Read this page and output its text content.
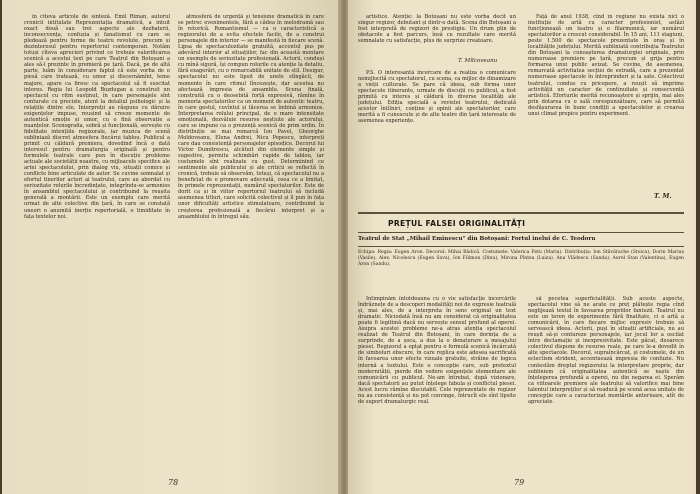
în cîteva articole de sinteză. Emil Riman, autorul cronicii intitulate Reprezentația dramatică, a intuit exact două sau trei aspecte ale dezbaterii, inconsecvența, confuzia și fanatismul cu care se pledează pentru forme de teatru revolute, precum și dezinteresul pentru repertoriul contemporan. Notăm totuși cîteva aprecieri privind ce trebuie valorificarea scenică a acestui text pe care Teatrul din Botoșani a ales să-l prezinte în premieră pe țară. Dacă, pe de altă parte, luăm în considerare faptul că este vorba de o piesă care tratează, cu umor și discernămînt, teme majore, apare ca firesc ca spectacolul să fi suscitat interes. Regia lui Leopold Buzdugan a construit un spectacol cu ritm susținut, în care personajele sînt conturate cu precizie, atent la detaliul psihologic și la relațiile dintre ele. Interpreții au răspuns cu dăruire exigențelor impuse, reușind să creeze momente de autentică emoție și umor, cu o fină observație a nuanțelor. Scenografia, sobră și funcțională, servește cu fidelitate intențiile regizorale, iar muzica de scenă subliniază discret atmosfera fiecărui tablou. Publicul a primit cu căldură premiera, dovedind încă o dată interesul pentru dramaturgia originală și pentru formulele teatrale care pun în discuție probleme actuale ale societății noastre, cu mijloacele specifice ale artei spectacolului, prin dialog viu, situații comice și conflicte bine articulate de autor. Se cuvine semnalat și efortul tinerilor actori ai teatrului, care au abordat cu seriozitate rolurile încredințate, integrîndu-se armonios în ansamblul spectacolului și contribuind la reușita generală a montării. Este un exemplu care merită urmat de alte colective din țară, în care se constată uneori o anumită inerție repertorială, o timiditate în fața textelor noi.

atmosferă de urgență și tensiune dramatică în care se petrec evenimentele, fără a cădea în melodramă sau în retorică. Romantismul — ca o caracteristică a regizorului de a evita efectele facile, de a construi personajele din interior — se manifestă în fiecare scenă. Lipsa de spectaculozitate gratuită, accentul pus pe adevărul interior al situațiilor, fac din această montare un exemplu de seriozitate profesională. Actorii, conduși cu mînă sigură, își compun rolurile cu atenție la detaliu, fără exagerări, cu o remarcabilă unitate de stil. Desigur, spectacolul nu este lipsit de unele stîngăcii, de momente în care ritmul lîncezește, dar acestea nu afectează impresia de ansamblu. Scena finală, construită cu o deosebită forță expresivă, rămîne în memoria spectatorilor ca un moment de autentic teatru, în care gestul, cuvîntul și tăcerea se îmbină armonios. Interpretarea rolului principal, de o mare intensitate emoțională, dezvăluie resurse neștiute ale actorului, care se impune ca o prezență scenică de prim ordin. În distribuție se mai remarcă Ion Pavel, Gheorghe Moldoveanu, Elena Andrei, Nicu Popescu, interpreți care dau consistență personajelor episodice. Decorul lui Victor Dumitrescu, alcătuit din elemente simple și sugestive, permite schimbări rapide de tablou, iar costumele sînt realizate cu gust. Determinind ce sentimente ale publicului și ale criticii se reflectă în cronică, trebuie să observăm, totuși, că spectacolul nu a beneficiat de o promovare adecvată, ceea ce a limitat, în primele reprezentații, numărul spectatorilor. Este de dorit ca și în viitor repertoriul teatrului să includă asemenea titluri, care solicită colectivul și îl pun în fața unor dificultăți artistice stimulatoare, contribuind la creșterea profesională a fiecărui interpret și a ansamblului în întregul său.

78

artistice. Atenție: la Botoșani nu este vorba decît un singur regizor, debutant și dintr-o dată. Scena din Botoșani a fost interpretă de regizori de prestigiu. Un drum plin de obstacole a fost parcurs, însă cu rezultate care merită semnalate cu satisfacție, plus de surprize creatoare.

T. Mîlcoveanu

P.S. O interesantă încercare de a realiza o comunicare nemijlocită cu spectatorul, cu scena, ca mijloc de dinamizare a vieții culturale. Se pare că ideea, sub forma unor spectacole itinerante, urmate de discuții cu publicul, a fost primită cu interes și căldură în diverse localități ale județului. Ediția specială a revistei teatrului, dedicată acestor întîlniri, conține și opinii ale spectatorilor, care merită a fi cunoscute și de alte teatre din țară interesate de asemenea experiențe.

Față de anul 1938, cînd în regiune nu exista nici o instituție de artă cu caracter profesionist, astăzi funcționează un teatru și o filarmonică, iar numărul spectatorilor a crescut considerabil. În 15 ani, 111 stagiuni, peste 1.500 de spectacole prezentate în oraș și în localitățile județului. Merită subliniată contribuția Teatrului din Botoșani la cunoașterea dramaturgiei originale, prin numeroase premiere pe țară, precum și grija pentru formarea unui public avizat. Se cuvine, de asemenea, remarcată activitatea secției de estradă, care a prezentat numeroase spectacole în întreprinderi și la sate. Colectivul teatrului, condus cu pricepere, a reușit să imprime activității un caracter de continuitate și consecvență artistică. Eforturile merită recunoaștere și sprijin, mai ales prin dotarea cu o sală corespunzătoare, care să permită desfășurarea în bune condiții a spectacolelor și crearea unui climat propice pentru experiment.

T. M.
PREȚUL FALSEI ORIGINALITĂȚI
Teatrul de Stat „Mihail Eminescu" din Botoșani: Fortul inelui de C. Teodoru
Echipa: Regia: Eugen Aron. Decorul: Mihai Bădică. Costumele: Valerica Fetu (Maria). Distribuția: Ion Stăvărache (Stoica), Dorin Mariuș (Vasile), Alex. Nicolescu (Eugen Sava), Ion Filimon (Dinu), Mirona Pîntea (Luiza), Ana Vlădescu (Sanda), Aurel Stan (Valentina), Eugen Aron (Sandu).

Întîmpinăm întotdeauna cu o vie satisfacție încercările îndrăznețe de a descoperi modalități noi de expresie teatrală și, mai ales, de a interpreta în sens original un text dramatic. Niciodată însă nu am considerat că originalitatea poate fi legitimă dacă nu servește sensul profund al operei. Asupra acestei probleme ne-a atras atenția spectacolul realizat de Teatrul din Botoșani, în care dorința de a surprinde, de a șoca, a dus la o denaturare a mesajului piesei. Regizorul a optat pentru o formulă scenică încărcată de simboluri obscure, în care replica este adesea sacrificată în favoarea unor efecte vizuale gratuite, străine de logica internă a textului. Este o concepție care, sub pretextul modernității, pierde din vedere exigențele elementare ale comunicării cu publicul. Ne-am întrebat, după vizionare, dacă spectatorii au putut înțelege fabula și conflictul piesei. Acest lucru rămîne discutabil. Cele reprezentate de regizor nu au consistență și nu pot convinge, întrucît ele sînt lipsite de suport dramaturgic real.

să pecetea superficialității. Sub aceste aspecte, spectacolul vine să ne arate ce preț plătește regia cînd neglijează textul în favoarea propriilor fantezii. Teatrul nu este un teren de experimente fără finalitate, ci o artă a comunicării, în care fiecare mijloc expresiv trebuie să servească ideea. Actorii, puși în situații artificiale, nu au reușit să-și contureze personajele, iar jocul lor a oscilat între declamație și inexpresivitate. Este păcat, deoarece colectivul dispune de resurse reale, pe care le-a dovedit în alte spectacole. Decorul, supraîncărcat, și costumele, de un eclectism strident, accentuează impresia de confuzie. Nu contestăm dreptul regizorului la interpretare proprie, dar subliniem că originalitatea autentică se naște din înțelegerea profundă a operei, nu din negarea ei. Sperăm ca viitoarele premiere ale teatrului să valorifice mai bine talentul interpreților și să readucă pe scenă acea unitate de concepție care a caracterizat montările anterioare, atît de apreciate.

79
